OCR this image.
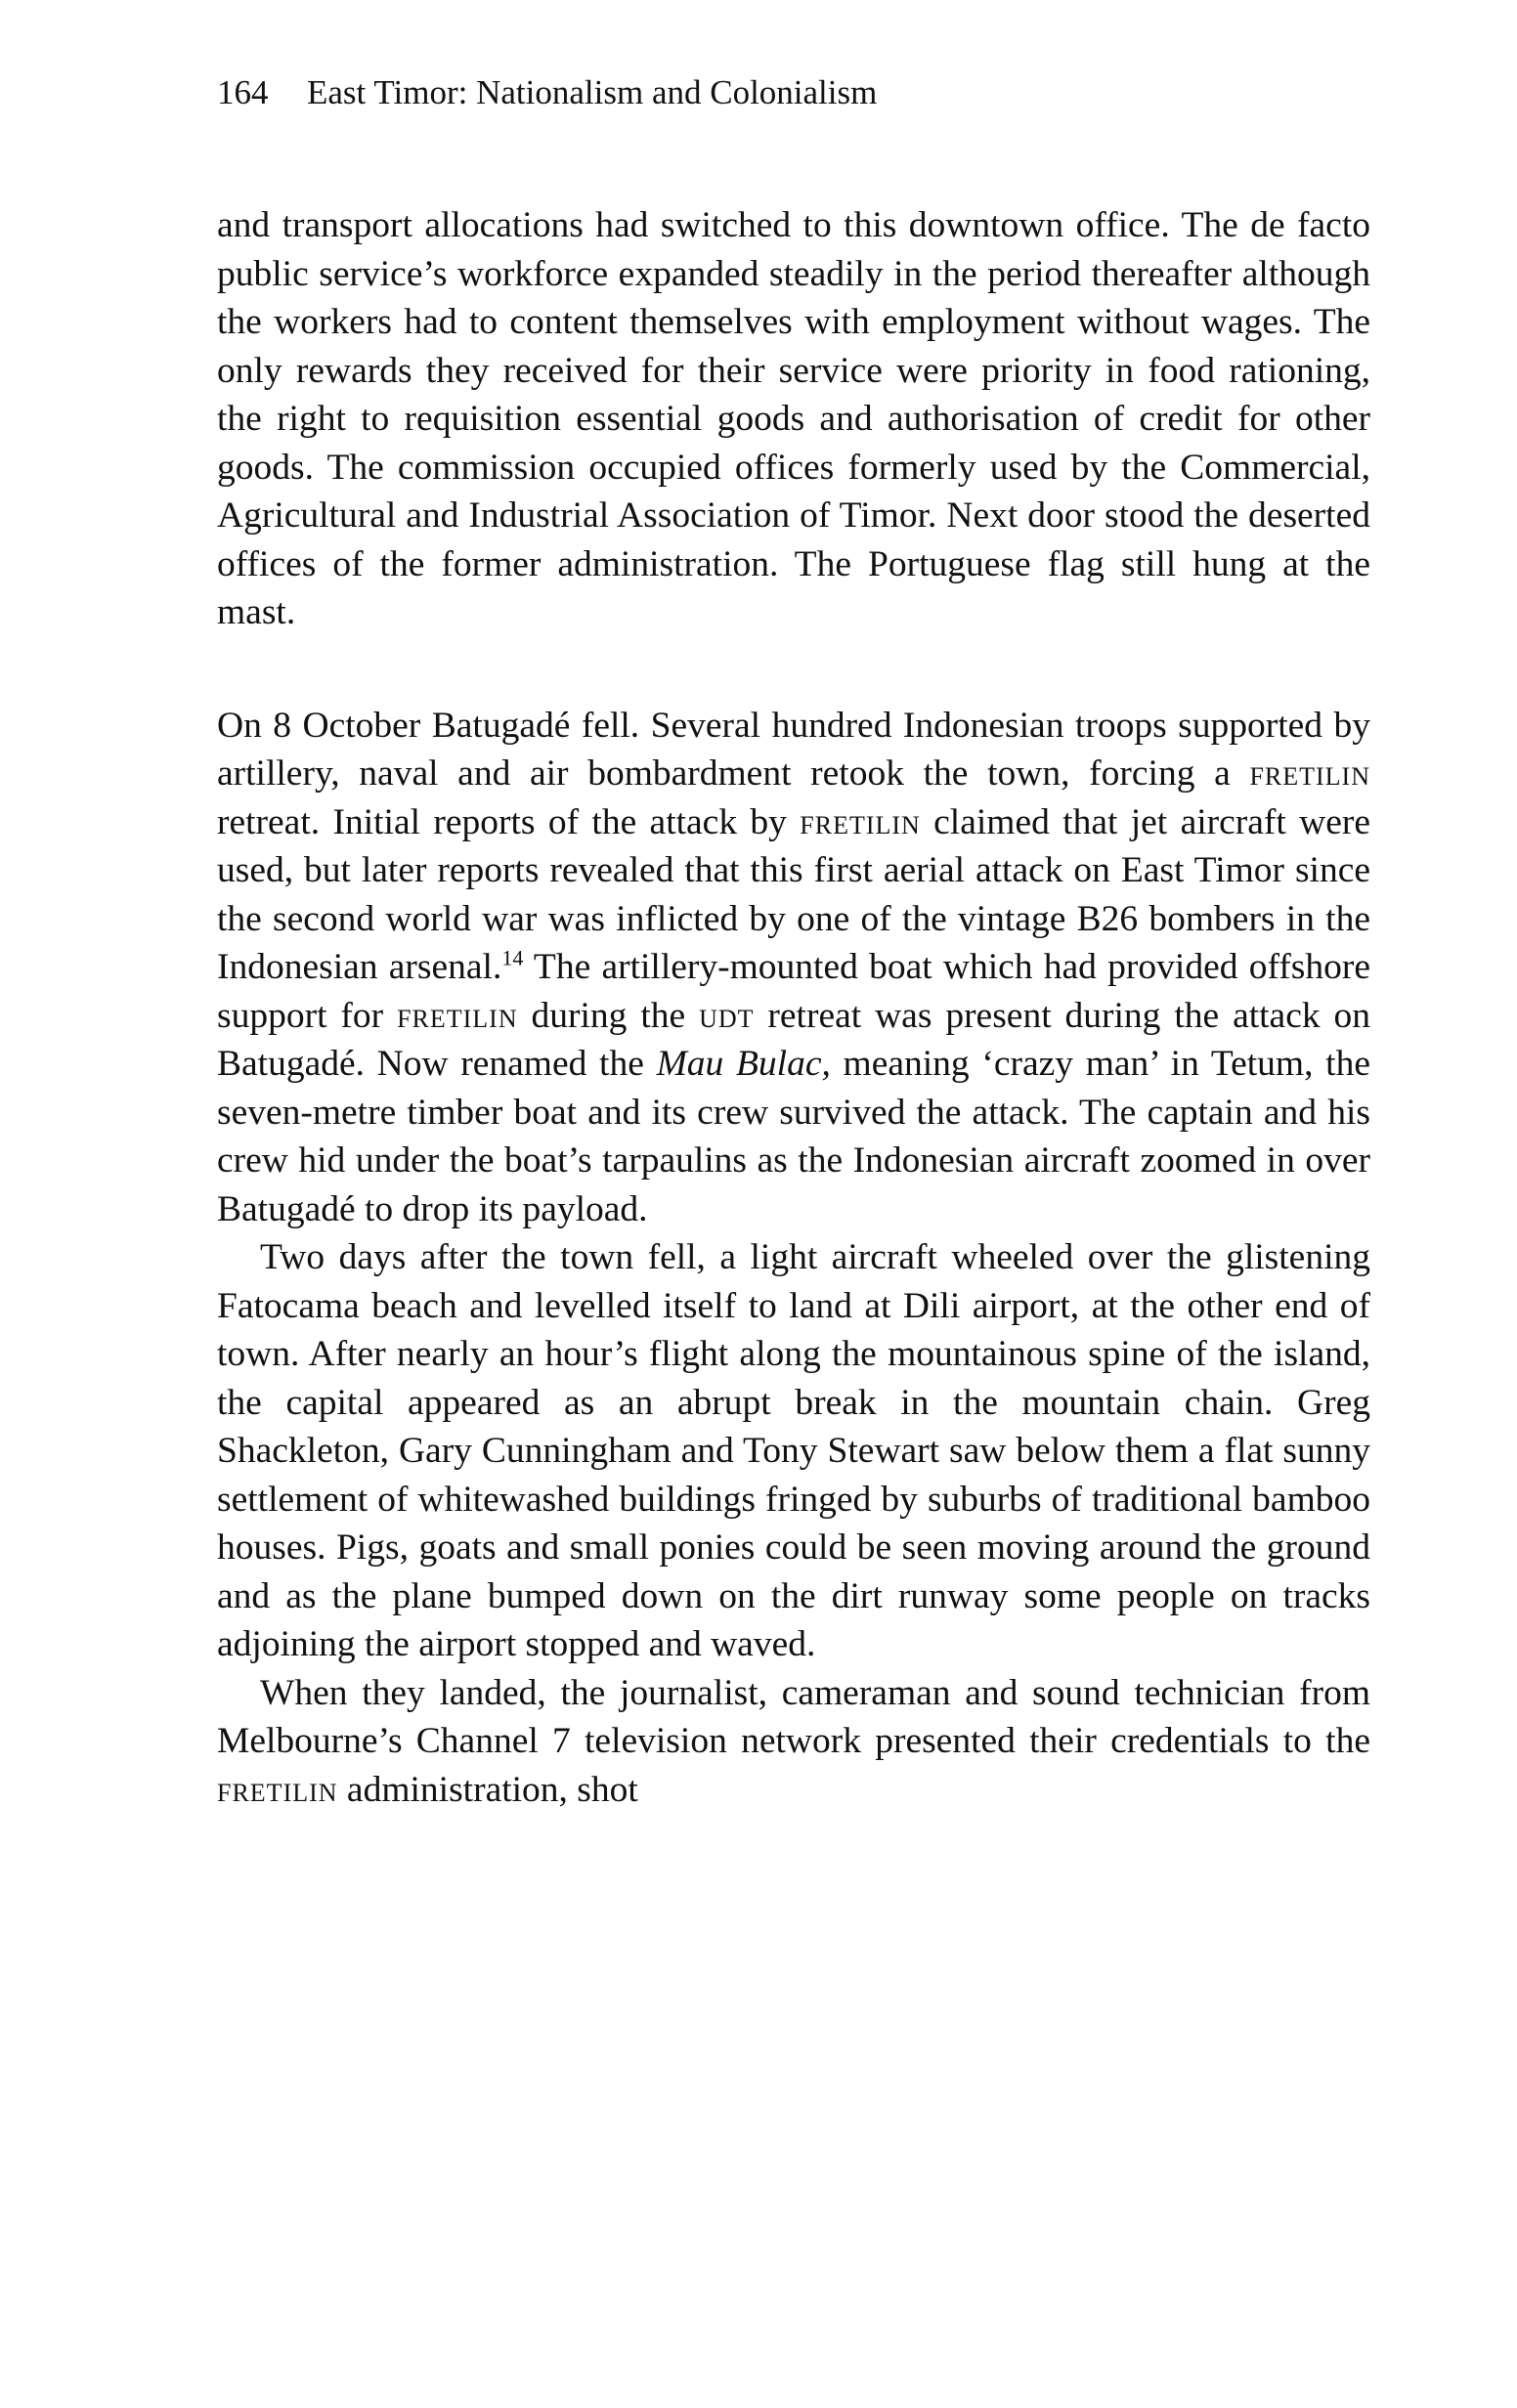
164 East Timor: Nationalism and Colonialism

and transport allocations had switched to this downtown office. The de facto public service’s workforce expanded steadily in the period thereafter although the workers had to content themselves with employment without wages. The only rewards they received for their service were priority in food rationing, the right to requisition essential goods and authorisation of credit for other goods. The commission occupied offices formerly used by the Commercial, Agricultural and Industrial Association of Timor. Next door stood the deserted offices of the former administration. The Portuguese flag still hung at the mast.

On 8 October Batugadé fell. Several hundred Indonesian troops supported by artillery, naval and air bombardment retook the town, forcing a fretilin retreat. Initial reports of the attack by fretilin claimed that jet aircraft were used, but later reports revealed that this first aerial attack on East Timor since the second world war was inflicted by one of the vintage B26 bombers in the Indonesian arsenal.$^{14}$ The artillery-mounted boat which had provided offshore support for fretilin during the udt retreat was present during the attack on Batugadé. Now renamed the Mau Bulac, meaning ‘crazy man’ in Tetum, the seven-metre timber boat and its crew survived the attack. The captain and his crew hid under the boat’s tarpaulins as the Indonesian aircraft zoomed in over Batugadé to drop its payload.

Two days after the town fell, a light aircraft wheeled over the glistening Fatocama beach and levelled itself to land at Dili airport, at the other end of town. After nearly an hour’s flight along the mountainous spine of the island, the capital appeared as an abrupt break in the mountain chain. Greg Shackleton, Gary Cunningham and Tony Stewart saw below them a flat sunny settlement of whitewashed buildings fringed by suburbs of traditional bamboo houses. Pigs, goats and small ponies could be seen moving around the ground and as the plane bumped down on the dirt runway some people on tracks adjoining the airport stopped and waved.

When they landed, the journalist, cameraman and sound technician from Melbourne’s Channel 7 television network presented their credentials to the fretilin administration, shot
